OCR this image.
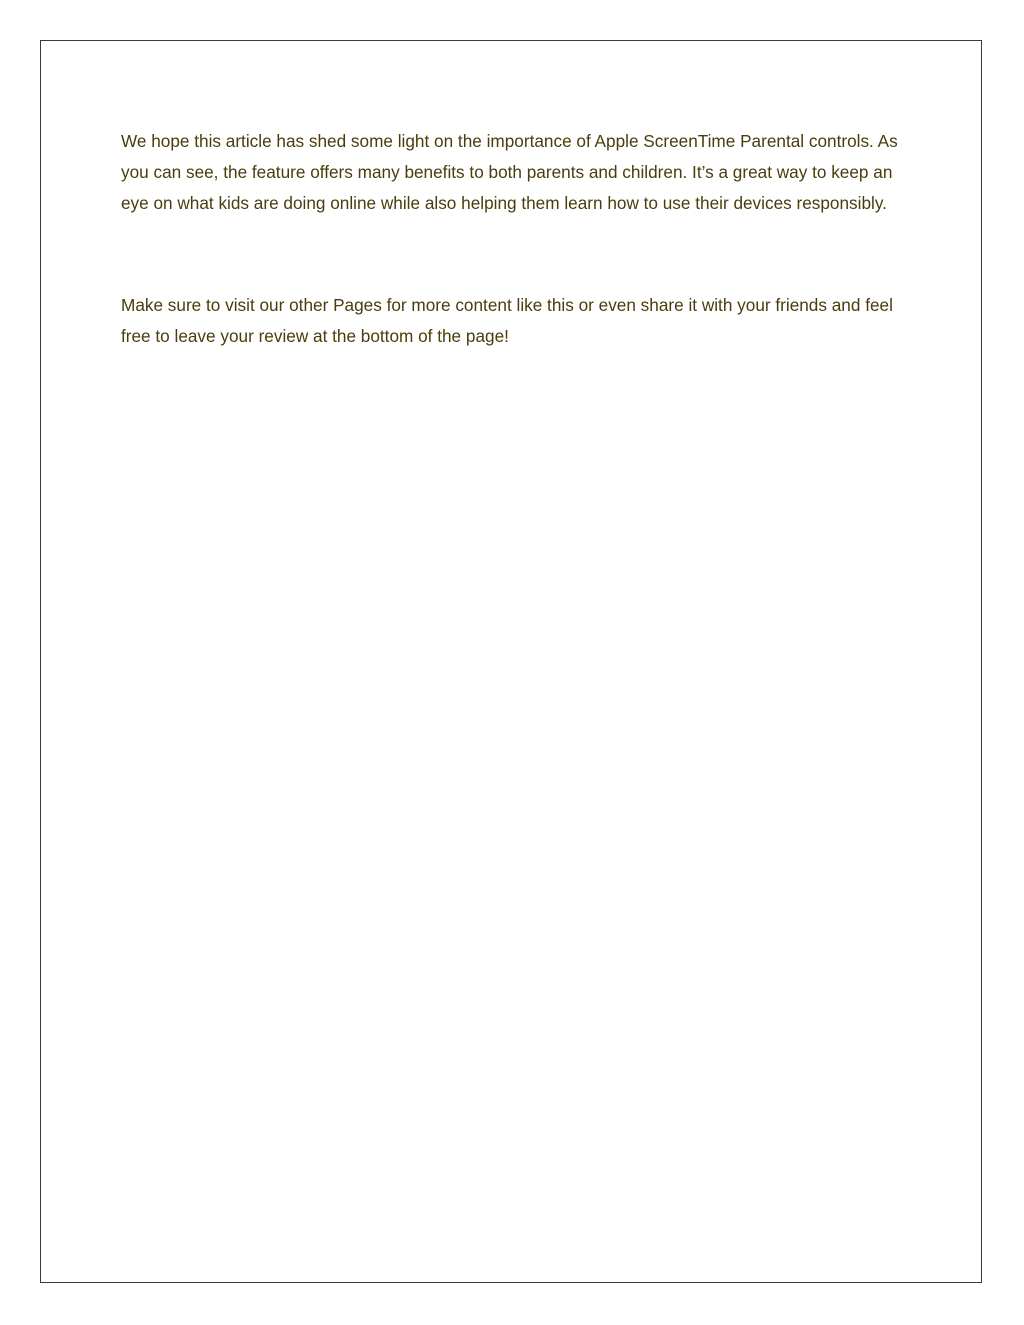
We hope this article has shed some light on the importance of Apple ScreenTime Parental controls. As you can see, the feature offers many benefits to both parents and children. It’s a great way to keep an eye on what kids are doing online while also helping them learn how to use their devices responsibly.

Make sure to visit our other Pages for more content like this or even share it with your friends and feel free to leave your review at the bottom of the page!
